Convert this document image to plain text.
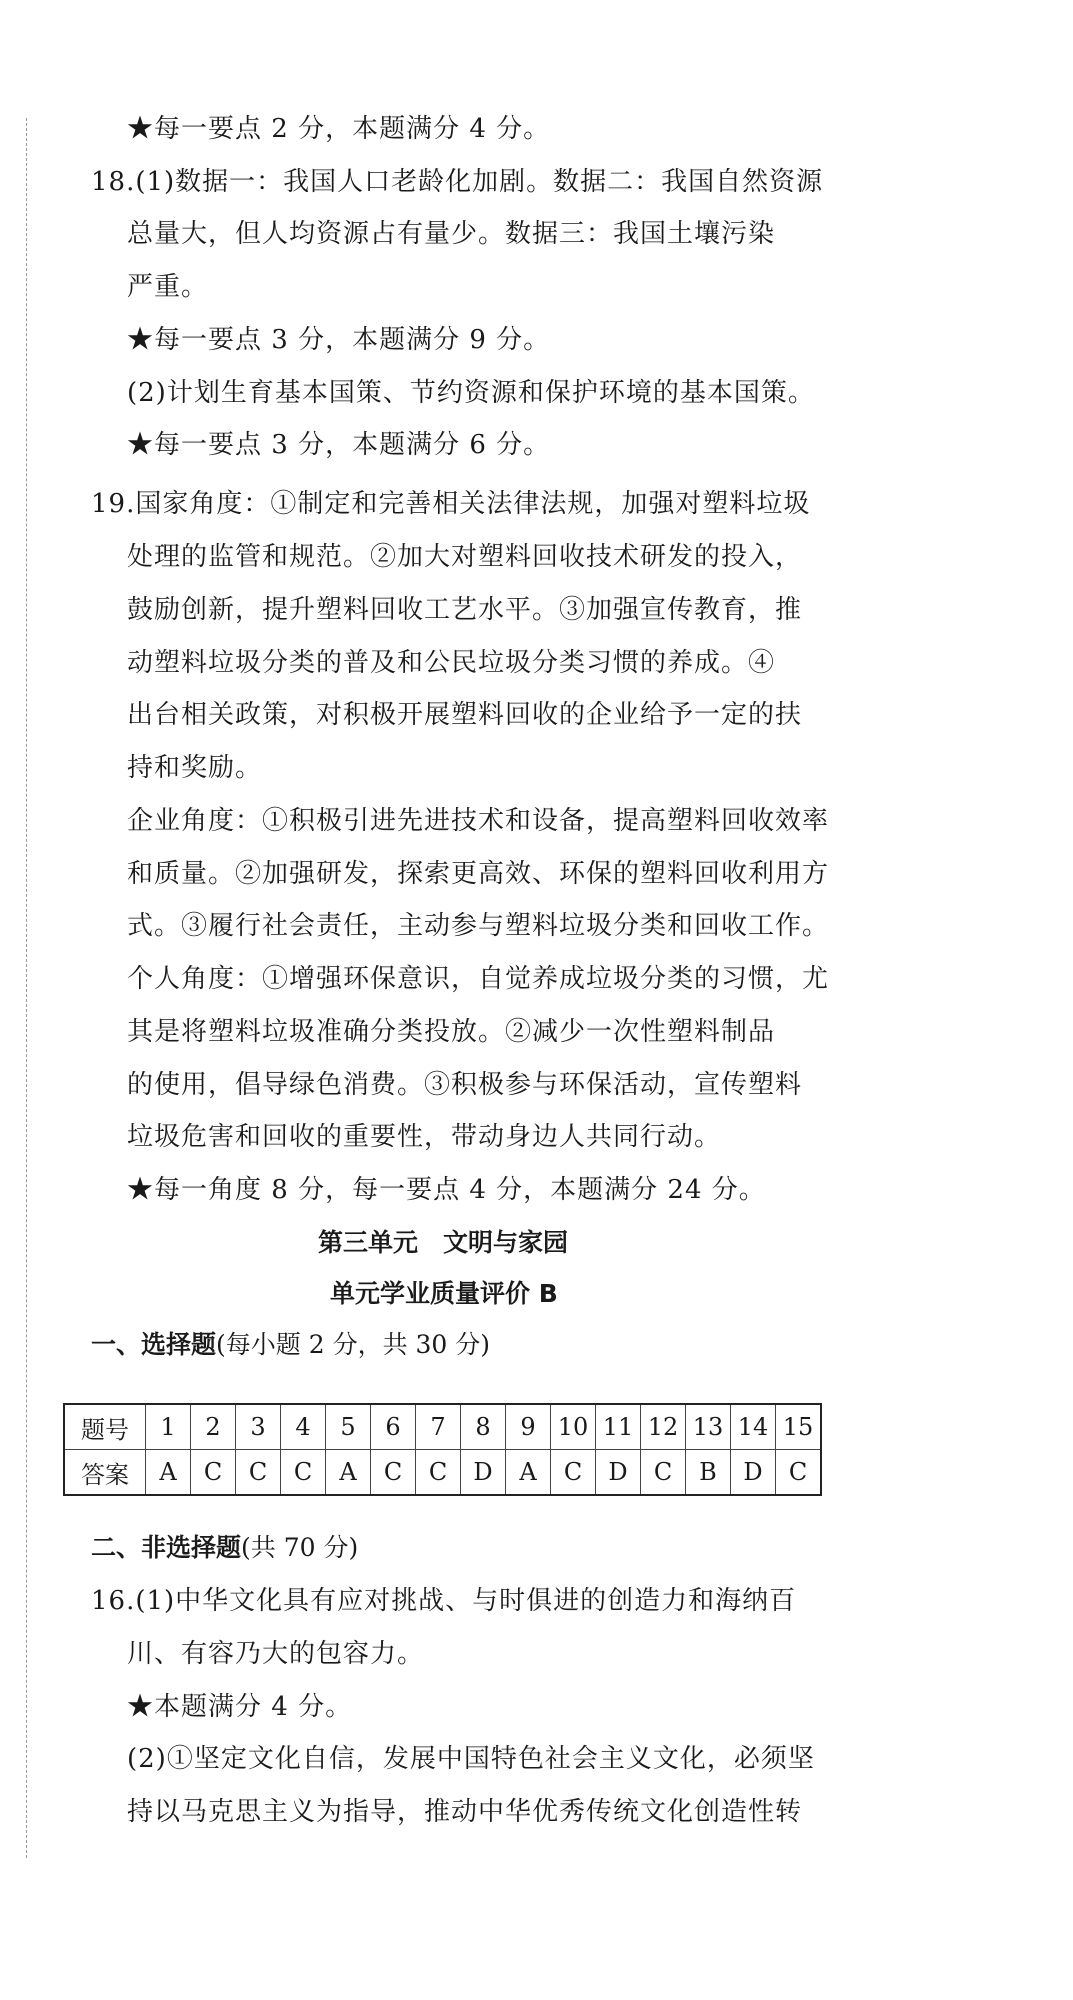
★每一要点 2 分，本题满分 4 分。
18.(1)数据一：我国人口老龄化加剧。数据二：我国自然资源
总量大，但人均资源占有量少。数据三：我国土壤污染
严重。
★每一要点 3 分，本题满分 9 分。
(2)计划生育基本国策、节约资源和保护环境的基本国策。
★每一要点 3 分，本题满分 6 分。
19.国家角度：①制定和完善相关法律法规，加强对塑料垃圾
处理的监管和规范。②加大对塑料回收技术研发的投入，
鼓励创新，提升塑料回收工艺水平。③加强宣传教育，推
动塑料垃圾分类的普及和公民垃圾分类习惯的养成。④
出台相关政策，对积极开展塑料回收的企业给予一定的扶
持和奖励。
企业角度：①积极引进先进技术和设备，提高塑料回收效率
和质量。②加强研发，探索更高效、环保的塑料回收利用方
式。③履行社会责任，主动参与塑料垃圾分类和回收工作。
个人角度：①增强环保意识，自觉养成垃圾分类的习惯，尤
其是将塑料垃圾准确分类投放。②减少一次性塑料制品
的使用，倡导绿色消费。③积极参与环保活动，宣传塑料
垃圾危害和回收的重要性，带动身边人共同行动。
★每一角度 8 分，每一要点 4 分，本题满分 24 分。
第三单元　文明与家园
单元学业质量评价 B
一、选择题(每小题 2 分，共 30 分)
题号	1	2	3	4	5	6	7	8	9	10	11	12	13	14	15
答案	A	C	C	C	A	C	C	D	A	C	D	C	B	D	C
二、非选择题(共 70 分)
16.(1)中华文化具有应对挑战、与时俱进的创造力和海纳百
川、有容乃大的包容力。
★本题满分 4 分。
(2)①坚定文化自信，发展中国特色社会主义文化，必须坚
持以马克思主义为指导，推动中华优秀传统文化创造性转
